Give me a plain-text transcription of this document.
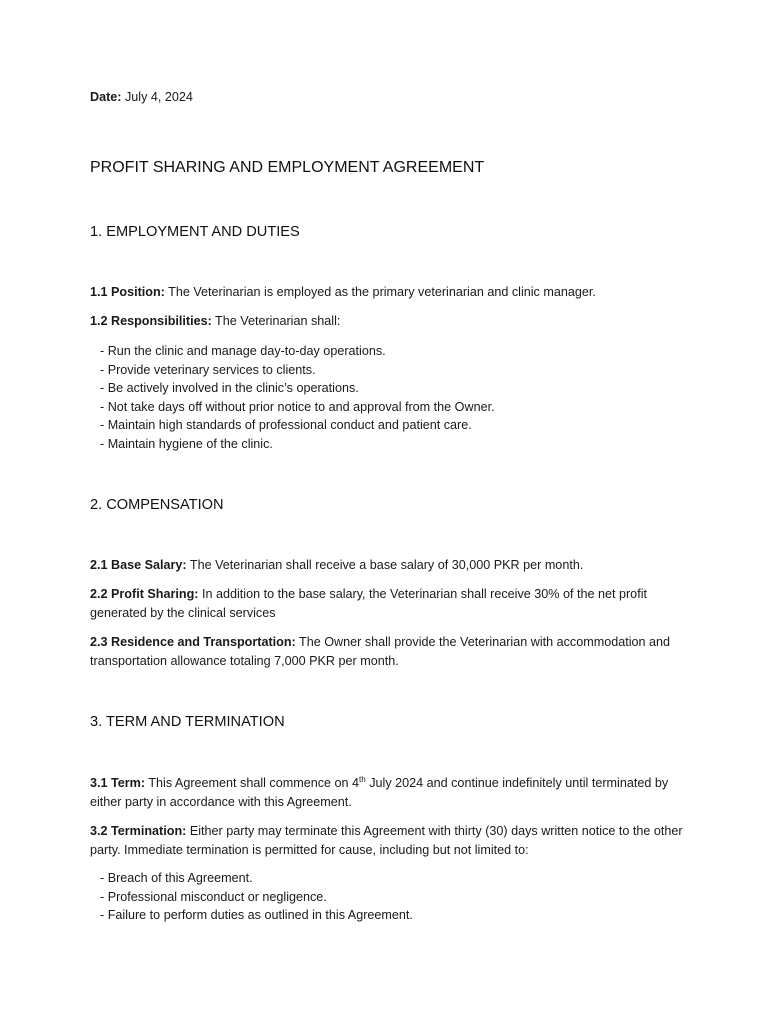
Date: July 4, 2024

PROFIT SHARING AND EMPLOYMENT AGREEMENT
1. EMPLOYMENT AND DUTIES

1.1 Position: The Veterinarian is employed as the primary veterinarian and clinic manager.

1.2 Responsibilities: The Veterinarian shall:

- Run the clinic and manage day-to-day operations.
- Provide veterinary services to clients.
- Be actively involved in the clinic’s operations.
- Not take days off without prior notice to and approval from the Owner.
- Maintain high standards of professional conduct and patient care.
- Maintain hygiene of the clinic.
2. COMPENSATION

2.1 Base Salary: The Veterinarian shall receive a base salary of 30,000 PKR per month.

2.2 Profit Sharing: In addition to the base salary, the Veterinarian shall receive 30% of the net profit generated by the clinical services

2.3 Residence and Transportation: The Owner shall provide the Veterinarian with accommodation and transportation allowance totaling 7,000 PKR per month.

3. TERM AND TERMINATION

3.1 Term: This Agreement shall commence on 4th July 2024 and continue indefinitely until terminated by either party in accordance with this Agreement.

3.2 Termination: Either party may terminate this Agreement with thirty (30) days written notice to the other party. Immediate termination is permitted for cause, including but not limited to:

- Breach of this Agreement.
- Professional misconduct or negligence.
- Failure to perform duties as outlined in this Agreement.
